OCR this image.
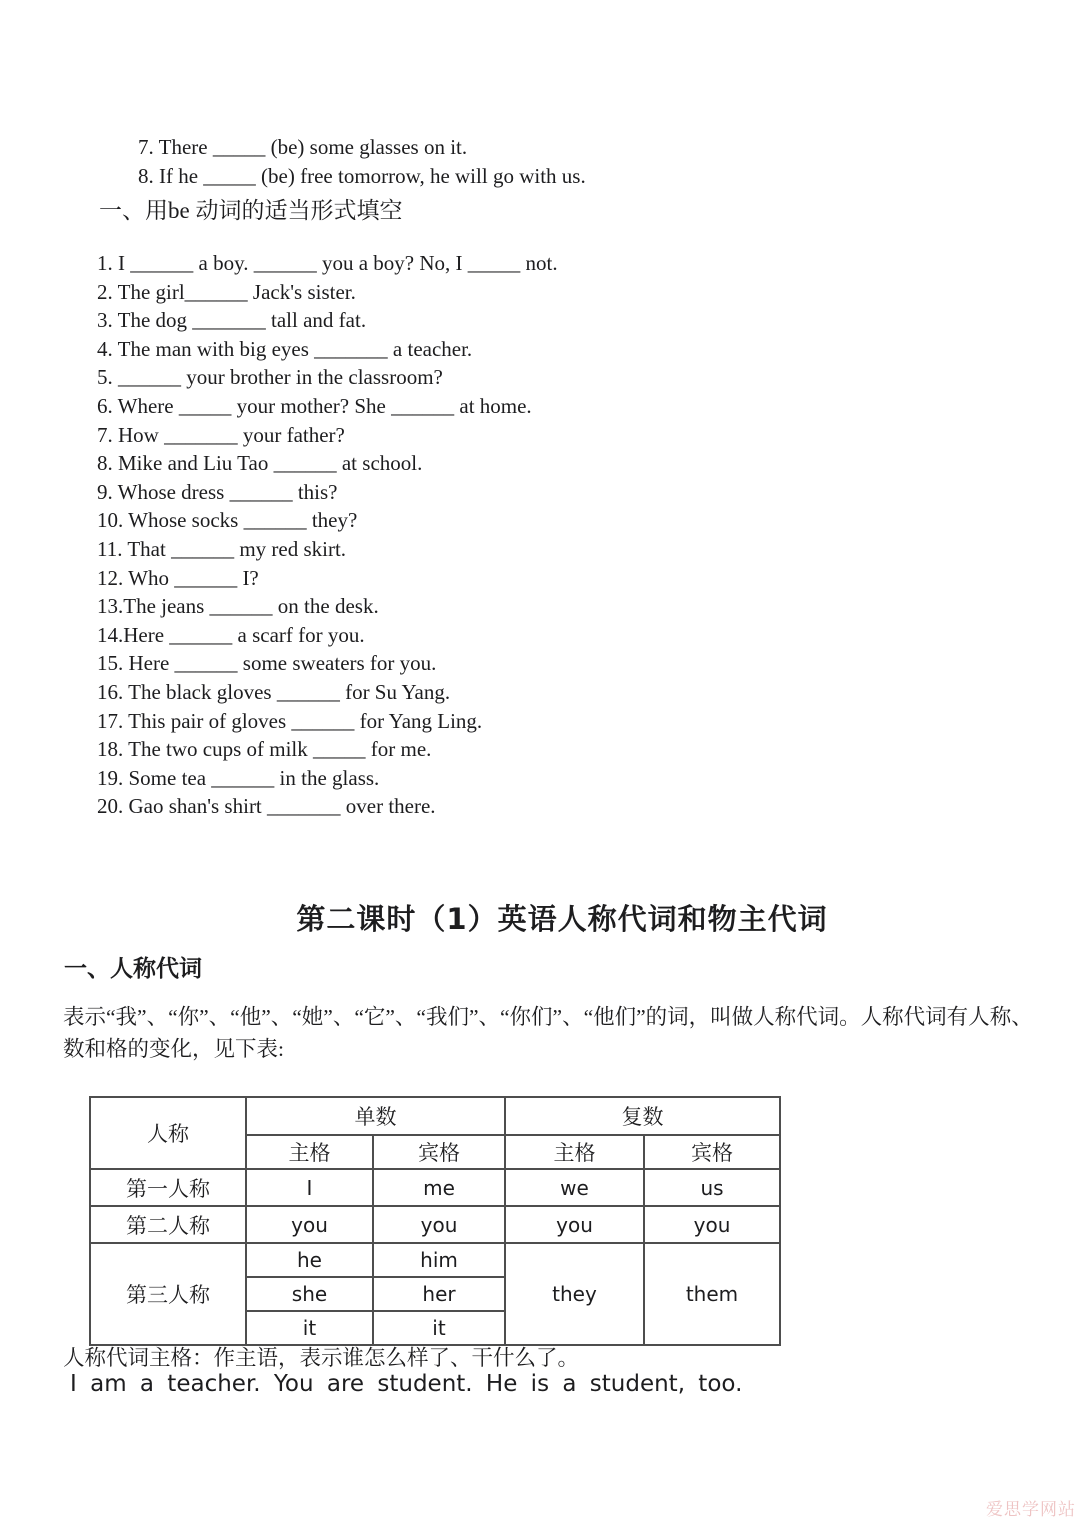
7. There _____ (be) some glasses on it.
8. If he _____ (be) free tomorrow, he will go with us.
一、用be 动词的适当形式填空
1. I ______ a boy. ______ you a boy? No, I _____ not.
2. The girl______ Jack's sister.
3. The dog _______ tall and fat.
4. The man with big eyes _______ a teacher.
5. ______ your brother in the classroom?
6. Where _____ your mother? She ______ at home.
7. How _______ your father?
8. Mike and Liu Tao ______ at school.
9. Whose dress ______ this?
10. Whose socks ______ they?
11. That ______ my red skirt.
12. Who ______ I?
13.The jeans ______ on the desk.
14.Here ______ a scarf for you.
15. Here ______ some sweaters for you.
16. The black gloves ______ for Su Yang.
17. This pair of gloves ______ for Yang Ling.
18. The two cups of milk _____ for me.
19. Some tea ______ in the glass.
20. Gao shan's shirt _______ over there.
第二课时（1）英语人称代词和物主代词
一、人称代词
表示“我”、“你”、“他”、“她”、“它”、“我们”、“你们”、“他们”的词，叫做人称代词。人称代词有人称、
数和格的变化，见下表:
人称	单数		复数	
	主格	宾格	主格	宾格
第一人称	I	me	we	us
第二人称	you	you	you	you
第三人称	he	him	they	them
	she	her		
	it	it		
人称代词主格：作主语，表示谁怎么样了、干什么了。
I am a teacher. You are student. He is a student, too.
爱思学网站
